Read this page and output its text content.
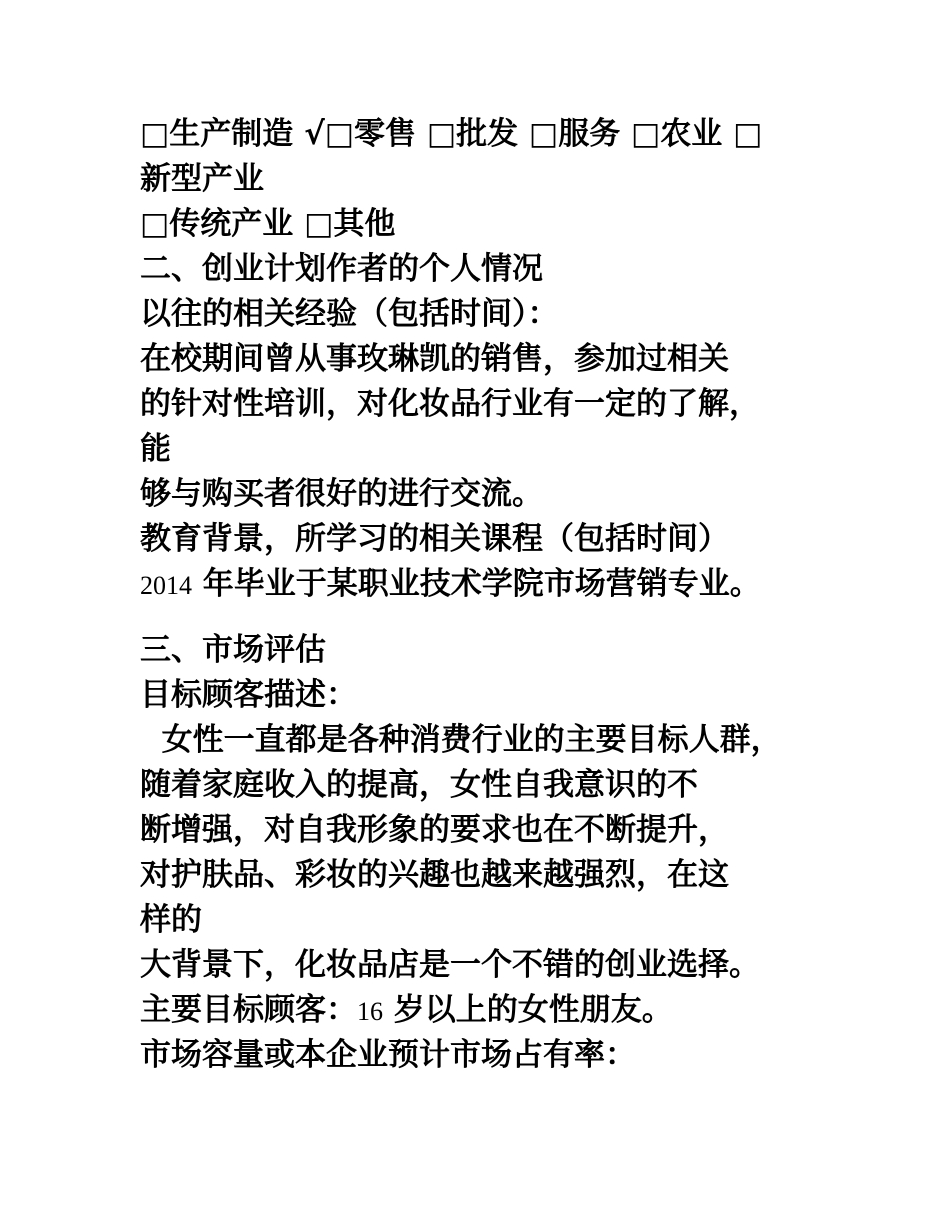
□生产制造 √□零售 □批发 □服务 □农业 □
新型产业
□传统产业 □其他
二、创业计划作者的个人情况
以往的相关经验（包括时间）：
在校期间曾从事玫琳凯的销售，参加过相关
的针对性培训，对化妆品行业有一定的了解，
能
够与购买者很好的进行交流。
教育背景，所学习的相关课程（包括时间）
2014 年毕业于某职业技术学院市场营销专业。
三、市场评估
目标顾客描述：
女性一直都是各种消费行业的主要目标人群，
随着家庭收入的提高，女性自我意识的不
断增强，对自我形象的要求也在不断提升，
对护肤品、彩妆的兴趣也越来越强烈，在这
样的
大背景下，化妆品店是一个不错的创业选择。
主要目标顾客：16 岁以上的女性朋友。
市场容量或本企业预计市场占有率：
